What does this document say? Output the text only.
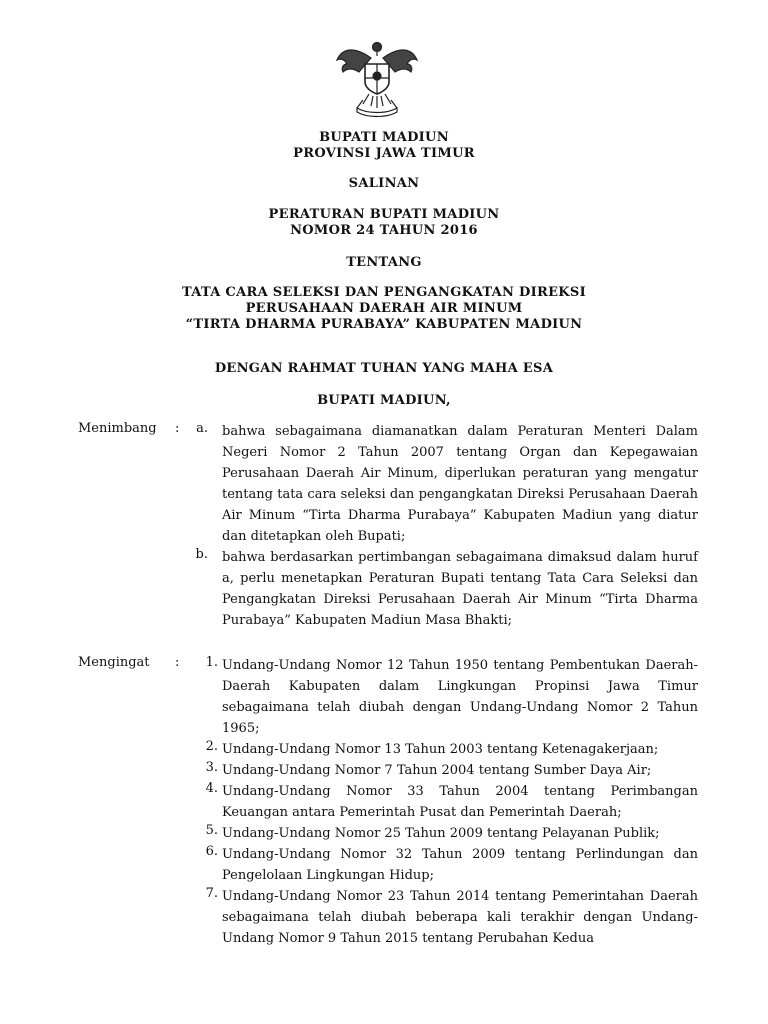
BUPATI MADIUN
PROVINSI JAWA TIMUR
SALINAN
PERATURAN BUPATI MADIUN
NOMOR 24 TAHUN 2016
TENTANG
TATA CARA SELEKSI DAN PENGANGKATAN DIREKSI
PERUSAHAAN DAERAH AIR MINUM
“TIRTA DHARMA PURABAYA” KABUPATEN MADIUN
DENGAN RAHMAT TUHAN YANG MAHA ESA
BUPATI MADIUN,
Menimbang :	a. bahwa sebagaimana diamanatkan dalam Peraturan Menteri Dalam Negeri Nomor 2 Tahun 2007 tentang Organ dan Kepegawaian Perusahaan Daerah Air Minum, diperlukan peraturan yang mengatur tentang tata cara seleksi dan pengangkatan Direksi Perusahaan Daerah Air Minum “Tirta Dharma Purabaya” Kabupaten Madiun yang diatur dan ditetapkan oleh Bupati;
b. bahwa berdasarkan pertimbangan sebagaimana dimaksud dalam huruf a, perlu menetapkan Peraturan Bupati tentang Tata Cara Seleksi dan Pengangkatan Direksi Perusahaan Daerah Air Minum “Tirta Dharma Purabaya” Kabupaten Madiun Masa Bhakti;
Mengingat :	1. Undang-Undang Nomor 12 Tahun 1950 tentang Pembentukan Daerah-Daerah Kabupaten dalam Lingkungan Propinsi Jawa Timur sebagaimana telah diubah dengan Undang-Undang Nomor 2 Tahun 1965;
2. Undang-Undang Nomor 13 Tahun 2003 tentang Ketenagakerjaan;
3. Undang-Undang Nomor 7 Tahun 2004 tentang Sumber Daya Air;
4. Undang-Undang Nomor 33 Tahun 2004 tentang Perimbangan Keuangan antara Pemerintah Pusat dan Pemerintah Daerah;
5. Undang-Undang Nomor 25 Tahun 2009 tentang Pelayanan Publik;
6. Undang-Undang Nomor 32 Tahun 2009 tentang Perlindungan dan Pengelolaan Lingkungan Hidup;
7. Undang-Undang Nomor 23 Tahun 2014 tentang Pemerintahan Daerah sebagaimana telah diubah beberapa kali terakhir dengan Undang-Undang Nomor 9 Tahun 2015 tentang Perubahan Kedua
